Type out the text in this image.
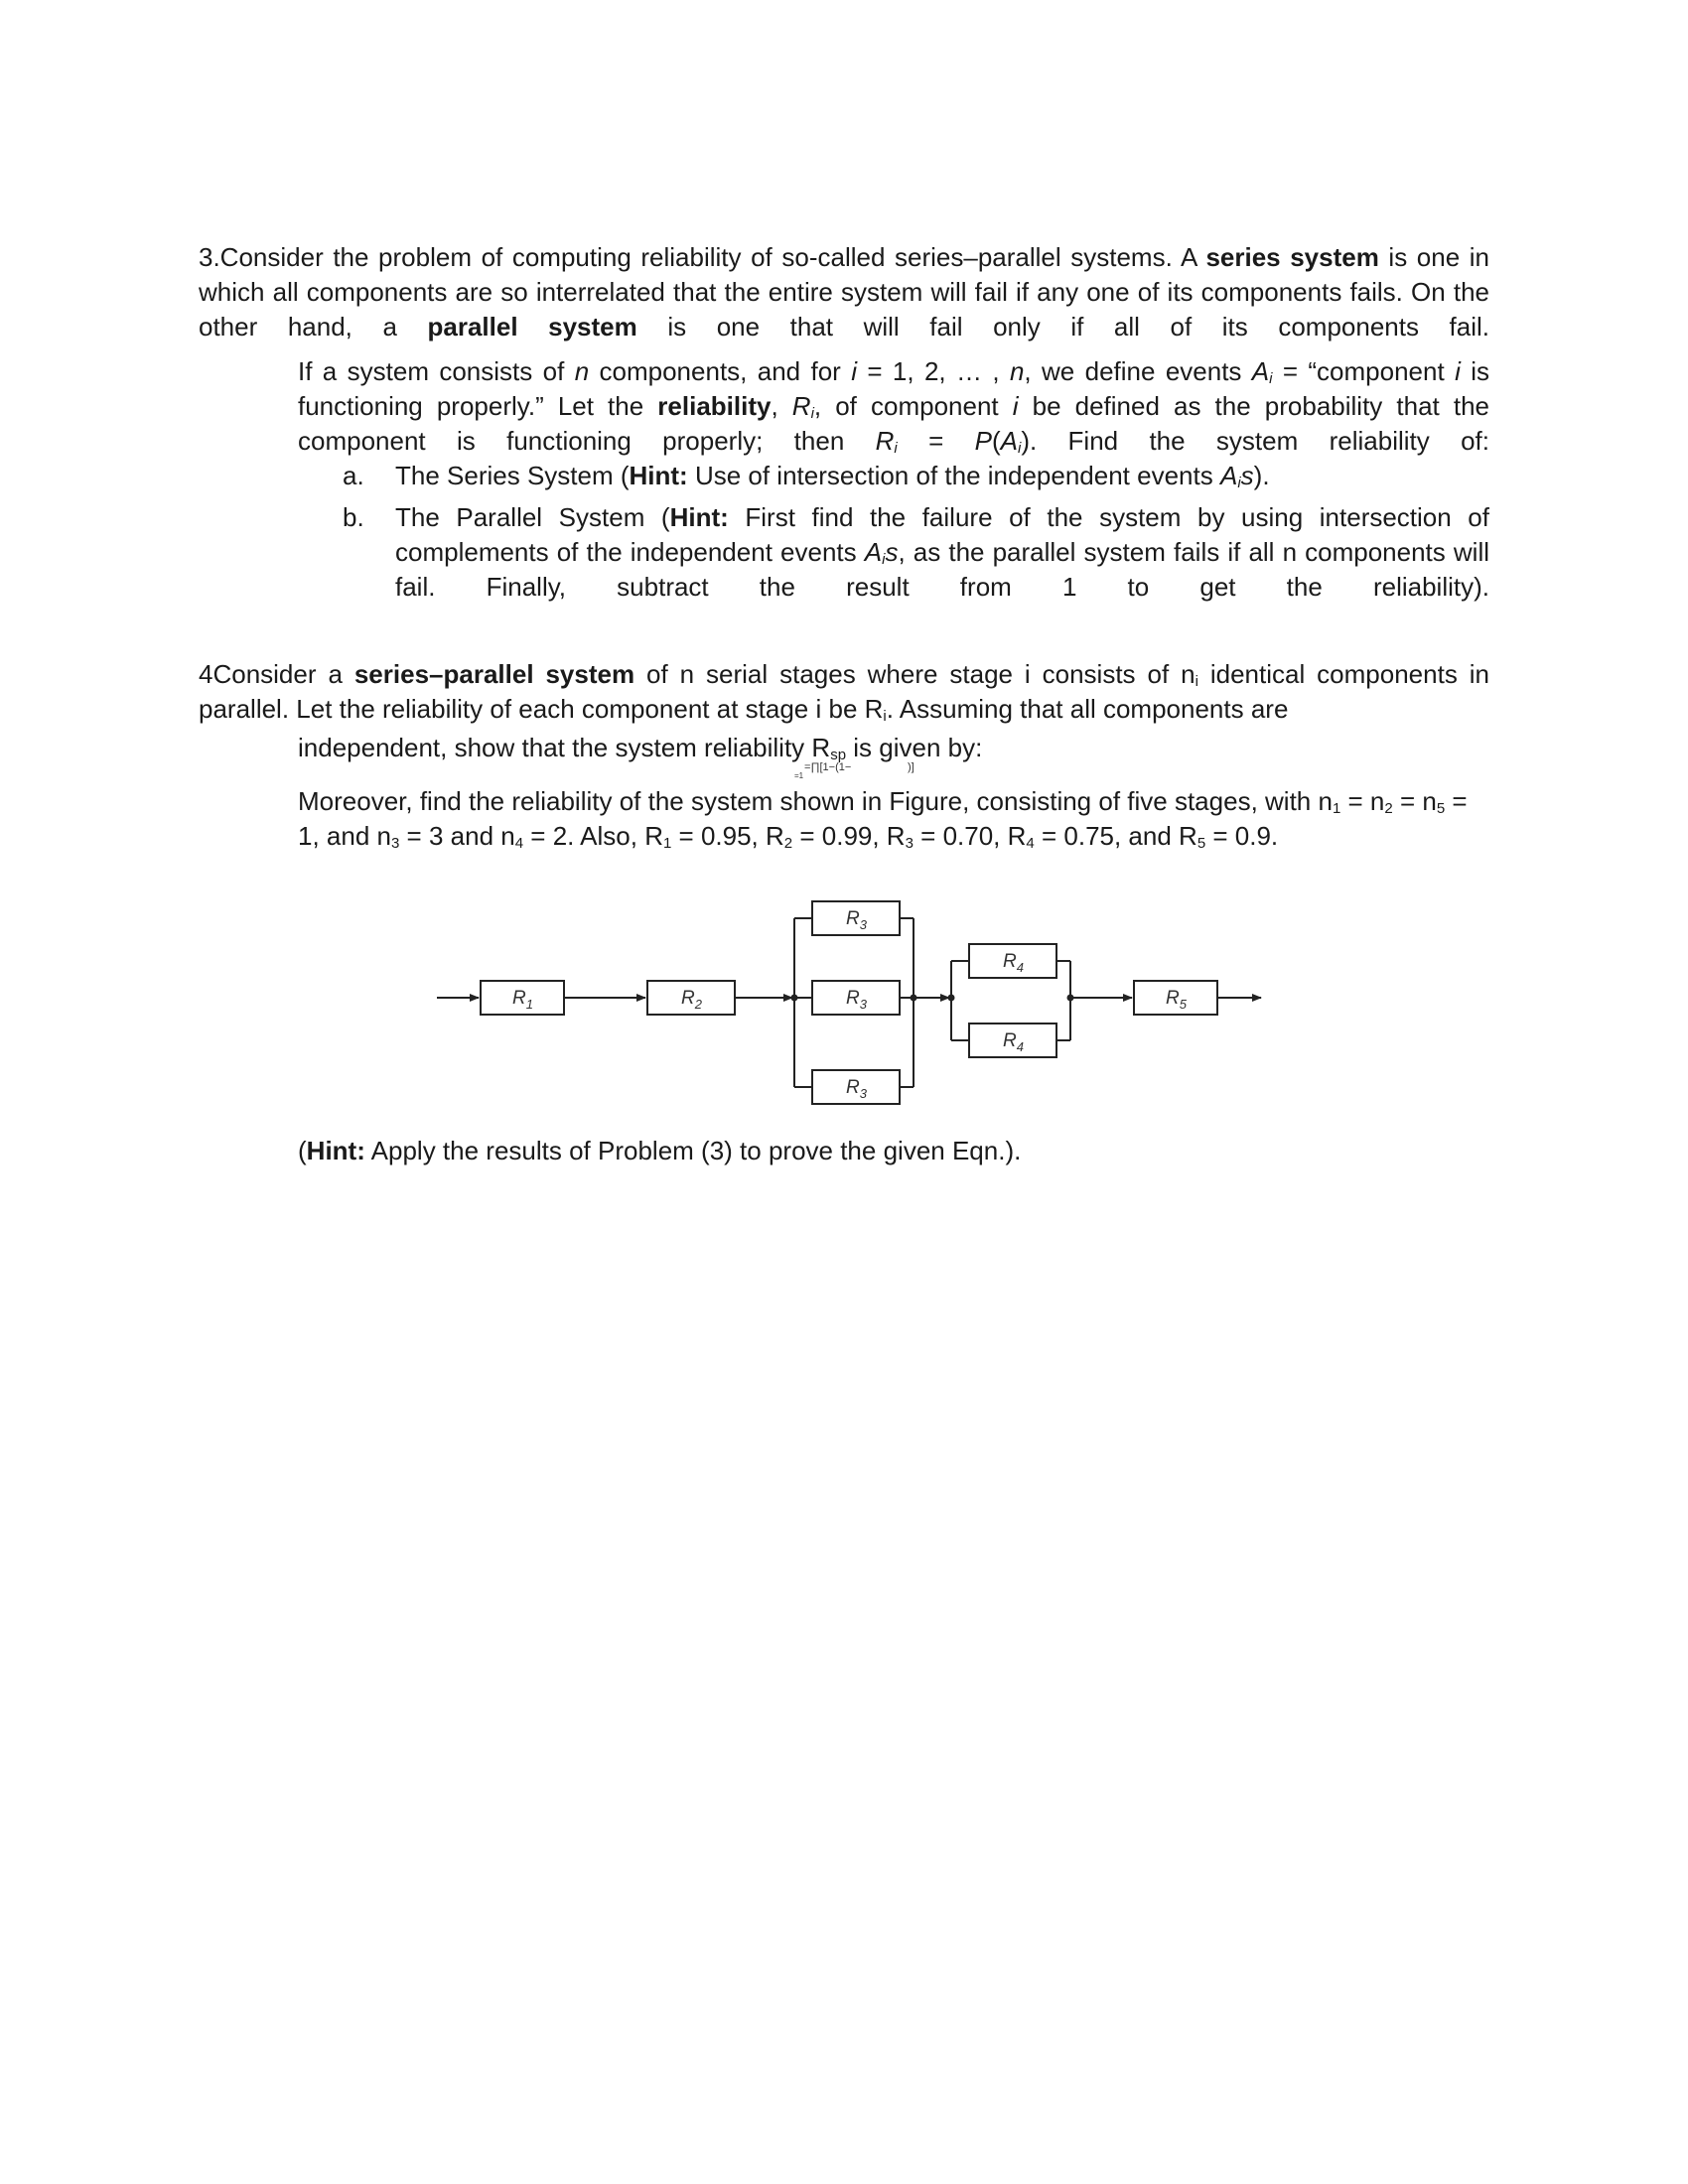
3.Consider the problem of computing reliability of so-called series–parallel systems. A series system is one in which all components are so interrelated that the entire system will fail if any one of its components fails. On the other hand, a parallel system is one that will fail only if all of its components fail.

If a system consists of n components, and for i = 1, 2, … , n, we define events $A_i$ = “component i is functioning properly.” Let the reliability, $R_i$, of component i be defined as the probability that the component is functioning properly; then $R_i = P(A_i)$. Find the system reliability of:

a. The Series System (Hint: Use of intersection of the independent events $A_is$).

b. The Parallel System (Hint: First find the failure of the system by using intersection of complements of the independent events $A_is$, as the parallel system fails if all n components will fail. Finally, subtract the result from 1 to get the reliability).

4Consider a series–parallel system of n serial stages where stage i consists of $n_i$ identical components in parallel. Let the reliability of each component at stage i be $R_i$. Assuming that all components are

independent, show that the system reliability $R_{sp}$ is given by:

=∏[1−(1−	)]
=1

Moreover, find the reliability of the system shown in Figure, consisting of five stages, with $n_1 = n_2 = n_5 = 1$, and $n_3 = 3$ and $n_4 = 2$. Also, $R_1 = 0.95$, $R_2 = 0.99$, $R_3 = 0.70$, $R_4 = 0.75$, and $R_5 = 0.9$.

$R_1$	$R_2$
$R_3$
$R_3$
$R_3$
$R_4$
$R_4$
$R_5$

(Hint: Apply the results of Problem (3) to prove the given Eqn.).
